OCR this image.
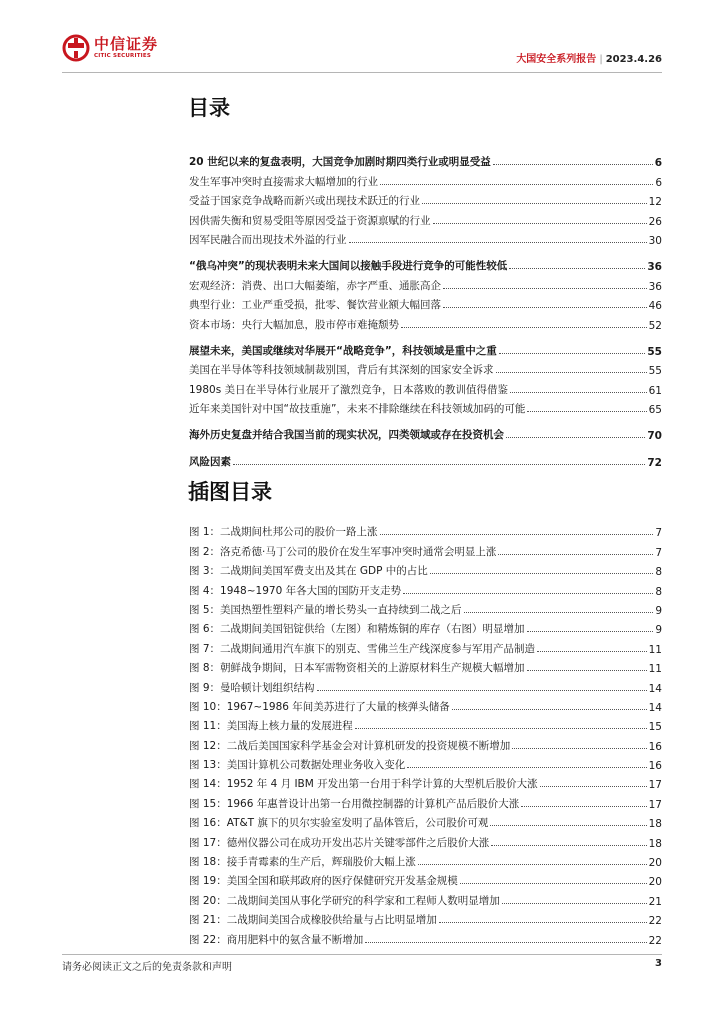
中信证券
CITIC SECURITIES	大国安全系列报告 | 2023.4.26
目录
20 世纪以来的复盘表明，大国竞争加剧时期四类行业或明显受益	6
发生军事冲突时直接需求大幅增加的行业	6
受益于国家竞争战略而新兴或出现技术跃迁的行业	12
因供需失衡和贸易受阻等原因受益于资源禀赋的行业	26
因军民融合而出现技术外溢的行业	30
“俄乌冲突”的现状表明未来大国间以接触手段进行竞争的可能性较低	36
宏观经济：消费、出口大幅萎缩，赤字严重、通胀高企	36
典型行业：工业严重受损，批零、餐饮营业额大幅回落	46
资本市场：央行大幅加息，股市停市难掩颓势	52
展望未来，美国或继续对华展开“战略竞争”，科技领域是重中之重	55
美国在半导体等科技领域制裁别国，背后有其深刻的国家安全诉求	55
1980s 美日在半导体行业展开了激烈竞争，日本落败的教训值得借鉴	61
近年来美国针对中国“故技重施”，未来不排除继续在科技领域加码的可能	65
海外历史复盘并结合我国当前的现实状况，四类领域或存在投资机会	70
风险因素	72
插图目录
图 1：二战期间杜邦公司的股价一路上涨	7
图 2：洛克希德·马丁公司的股价在发生军事冲突时通常会明显上涨	7
图 3：二战期间美国军费支出及其在 GDP 中的占比	8
图 4：1948~1970 年各大国的国防开支走势	8
图 5：美国热塑性塑料产量的增长势头一直持续到二战之后	9
图 6：二战期间美国铝锭供给（左图）和精炼铜的库存（右图）明显增加	9
图 7：二战期间通用汽车旗下的别克、雪佛兰生产线深度参与军用产品制造	11
图 8：朝鲜战争期间，日本军需物资相关的上游原材料生产规模大幅增加	11
图 9：曼哈顿计划组织结构	14
图 10：1967~1986 年间美苏进行了大量的核弹头储备	14
图 11：美国海上核力量的发展进程	15
图 12：二战后美国国家科学基金会对计算机研发的投资规模不断增加	16
图 13：美国计算机公司数据处理业务收入变化	16
图 14：1952 年 4 月 IBM 开发出第一台用于科学计算的大型机后股价大涨	17
图 15：1966 年惠普设计出第一台用微控制器的计算机产品后股价大涨	17
图 16：AT&T 旗下的贝尔实验室发明了晶体管后，公司股价可观	18
图 17：德州仪器公司在成功开发出芯片关键零部件之后股价大涨	18
图 18：接手青霉素的生产后，辉瑞股价大幅上涨	20
图 19：美国全国和联邦政府的医疗保健研究开发基金规模	20
图 20：二战期间美国从事化学研究的科学家和工程师人数明显增加	21
图 21：二战期间美国合成橡胶供给量与占比明显增加	22
图 22：商用肥料中的氨含量不断增加	22
请务必阅读正文之后的免责条款和声明	3
